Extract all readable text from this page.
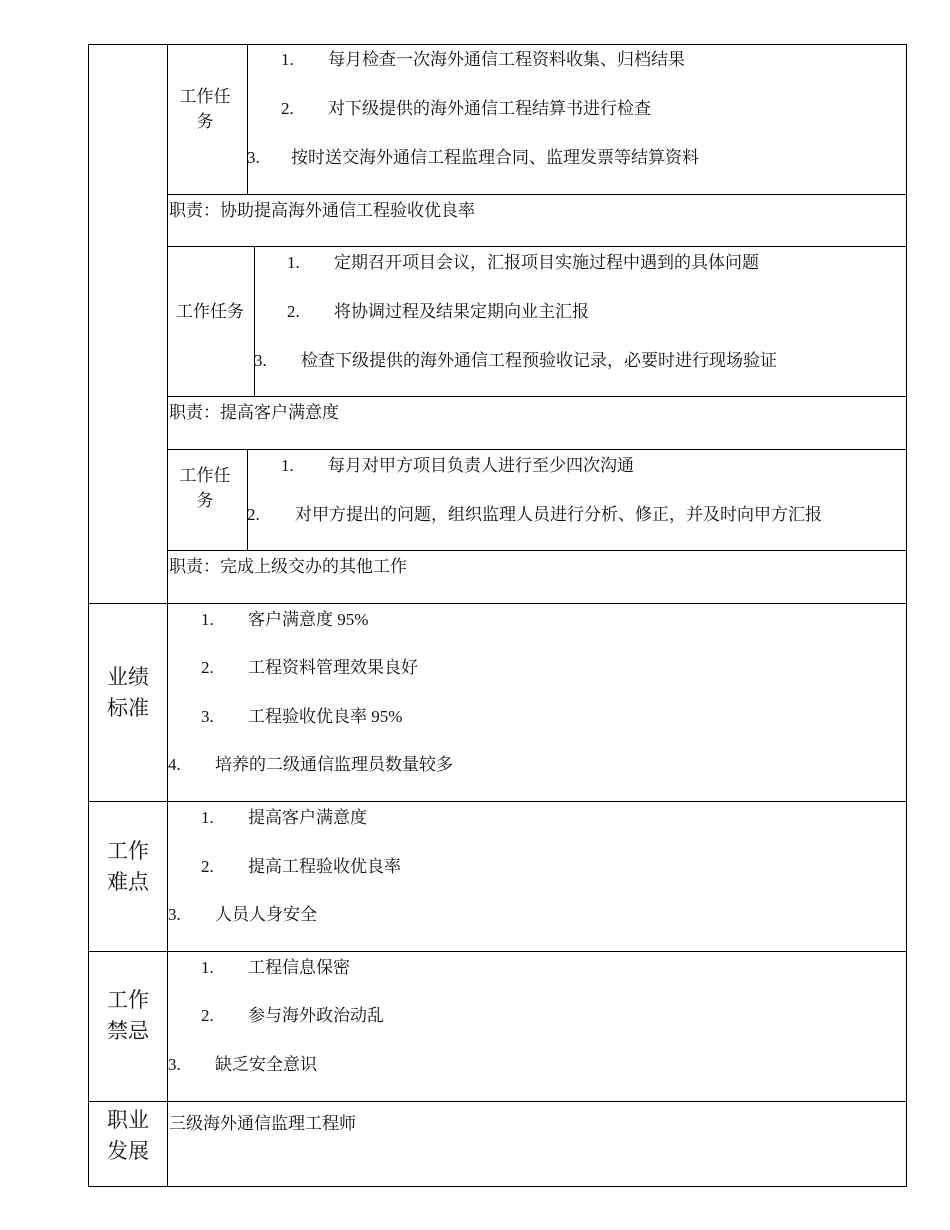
工作任务
1. 每月检查一次海外通信工程资料收集、归档结果
2. 对下级提供的海外通信工程结算书进行检查
3. 按时送交海外通信工程监理合同、监理发票等结算资料
职责：协助提高海外通信工程验收优良率
工作任务
1. 定期召开项目会议，汇报项目实施过程中遇到的具体问题
2. 将协调过程及结果定期向业主汇报
3. 检查下级提供的海外通信工程预验收记录，必要时进行现场验证
职责：提高客户满意度
工作任务
1. 每月对甲方项目负责人进行至少四次沟通
2. 对甲方提出的问题，组织监理人员进行分析、修正，并及时向甲方汇报
职责：完成上级交办的其他工作
业绩
标准
1. 客户满意度 95%
2. 工程资料管理效果良好
3. 工程验收优良率 95%
4. 培养的二级通信监理员数量较多
工作
难点
1. 提高客户满意度
2. 提高工程验收优良率
3. 人员人身安全
工作
禁忌
1. 工程信息保密
2. 参与海外政治动乱
3. 缺乏安全意识
职业
发展
三级海外通信监理工程师
